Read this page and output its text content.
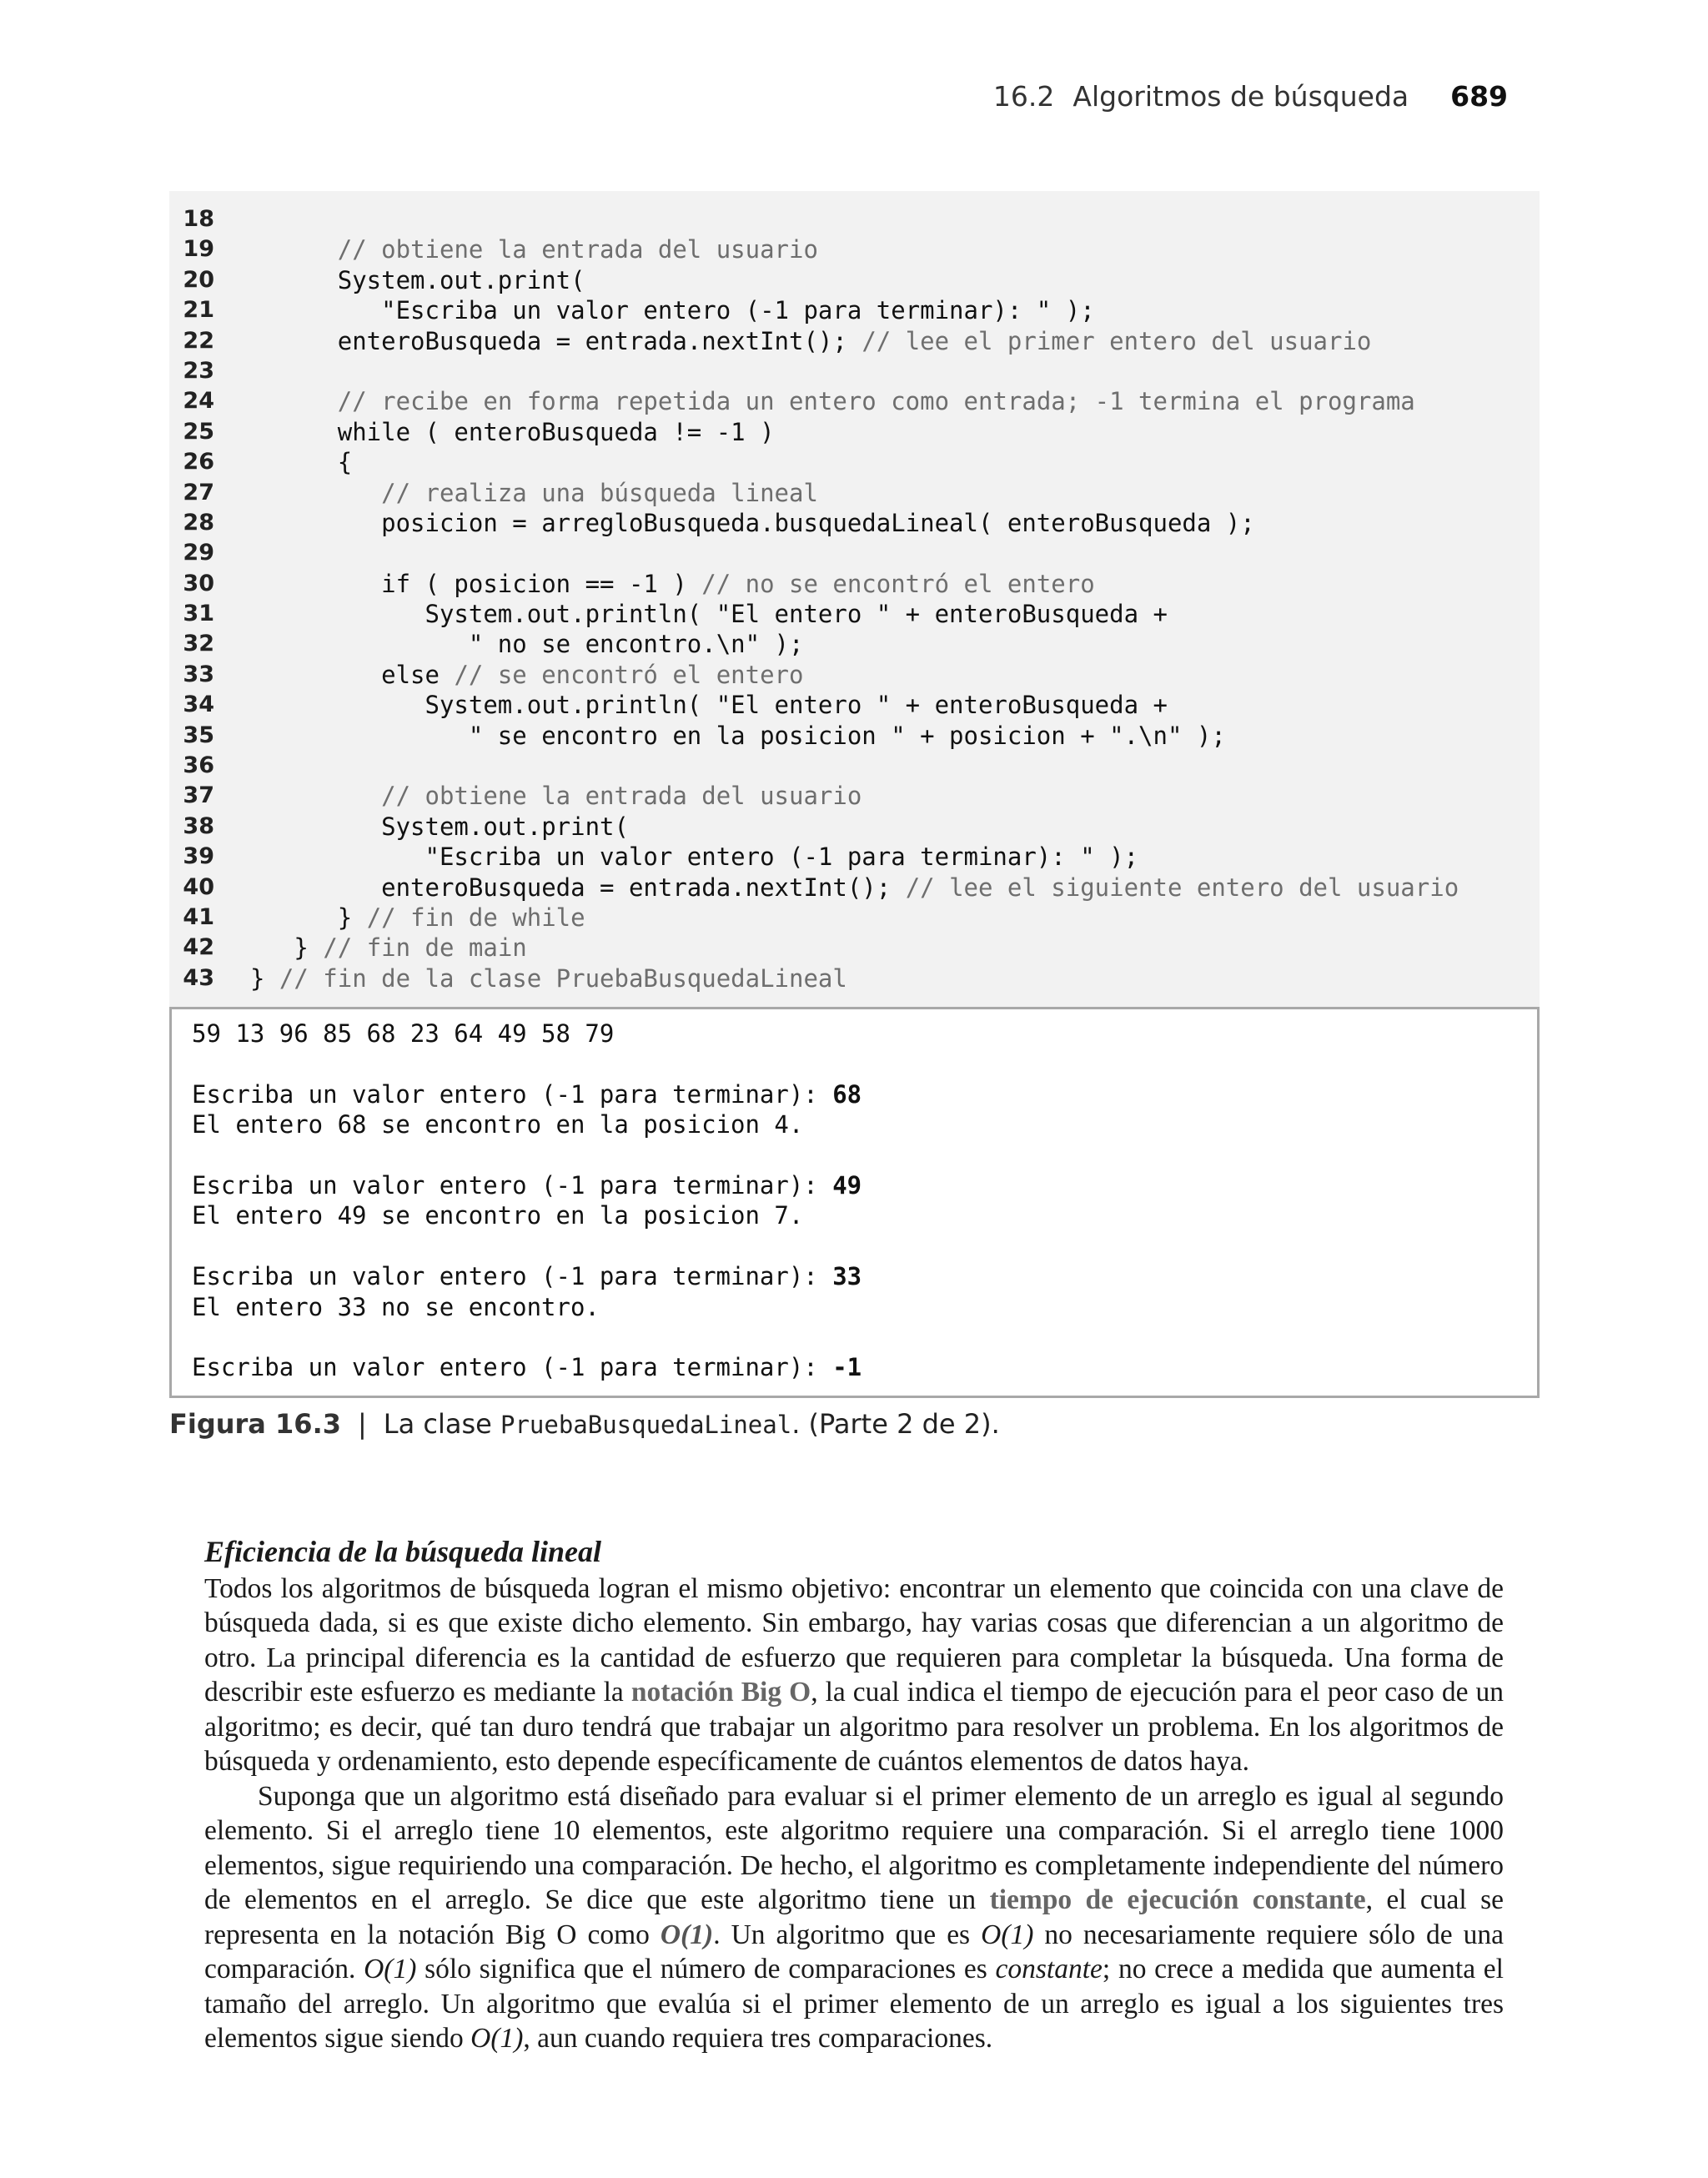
16.2 Algoritmos de búsqueda 689
18
19	// obtiene la entrada del usuario
20 System.out.print(
21 "Escriba un valor entero (-1 para terminar): " );
22 enteroBusqueda = entrada.nextInt(); // lee el primer entero del usuario
23
24	// recibe en forma repetida un entero como entrada; -1 termina el programa
25 while ( enteroBusqueda != -1 )
26 {
27	// realiza una búsqueda lineal
28 posicion = arregloBusqueda.busquedaLineal( enteroBusqueda );
29
30 if ( posicion == -1 ) // no se encontró el entero
31 System.out.println( "El entero " + enteroBusqueda +
32 " no se encontro.\n" );
33 else // se encontró el entero
34 System.out.println( "El entero " + enteroBusqueda +
35 " se encontro en la posicion " + posicion + ".\n" );
36
37	// obtiene la entrada del usuario
38 System.out.print(
39 "Escriba un valor entero (-1 para terminar): " );
40 enteroBusqueda = entrada.nextInt(); // lee el siguiente entero del usuario
41 } // fin de while
42 } // fin de main
43 } // fin de la clase PruebaBusquedaLineal
59 13 96 85 68 23 64 49 58 79
Escriba un valor entero (-1 para terminar): 68
El entero 68 se encontro en la posicion 4.
Escriba un valor entero (-1 para terminar): 49
El entero 49 se encontro en la posicion 7.
Escriba un valor entero (-1 para terminar): 33
El entero 33 no se encontro.
Escriba un valor entero (-1 para terminar): -1
Figura 16.3 | La clase PruebaBusquedaLineal. (Parte 2 de 2).
Eficiencia de la búsqueda lineal

Todos los algoritmos de búsqueda logran el mismo objetivo: encontrar un elemento que coincida con una clave de búsqueda dada, si es que existe dicho elemento. Sin embargo, hay varias cosas que diferencian a un algoritmo de otro. La principal diferencia es la cantidad de esfuerzo que requieren para completar la búsqueda. Una forma de describir este esfuerzo es mediante la notación Big O, la cual indica el tiempo de ejecución para el peor caso de un algoritmo; es decir, qué tan duro tendrá que trabajar un algoritmo para resolver un problema. En los algoritmos de búsqueda y ordenamiento, esto depende específicamente de cuántos elementos de datos haya.

Suponga que un algoritmo está diseñado para evaluar si el primer elemento de un arreglo es igual al segundo elemento. Si el arreglo tiene 10 elementos, este algoritmo requiere una comparación. Si el arreglo tiene 1000 elementos, sigue requiriendo una comparación. De hecho, el algoritmo es completamente independiente del número de elementos en el arreglo. Se dice que este algoritmo tiene un tiempo de ejecución constante, el cual se representa en la notación Big O como O(1). Un algoritmo que es O(1) no necesariamente requiere sólo de una comparación. O(1) sólo significa que el número de comparaciones es constante; no crece a medida que aumenta el tamaño del arreglo. Un algoritmo que evalúa si el primer elemento de un arreglo es igual a los siguientes tres elementos sigue siendo O(1), aun cuando requiera tres comparaciones.
